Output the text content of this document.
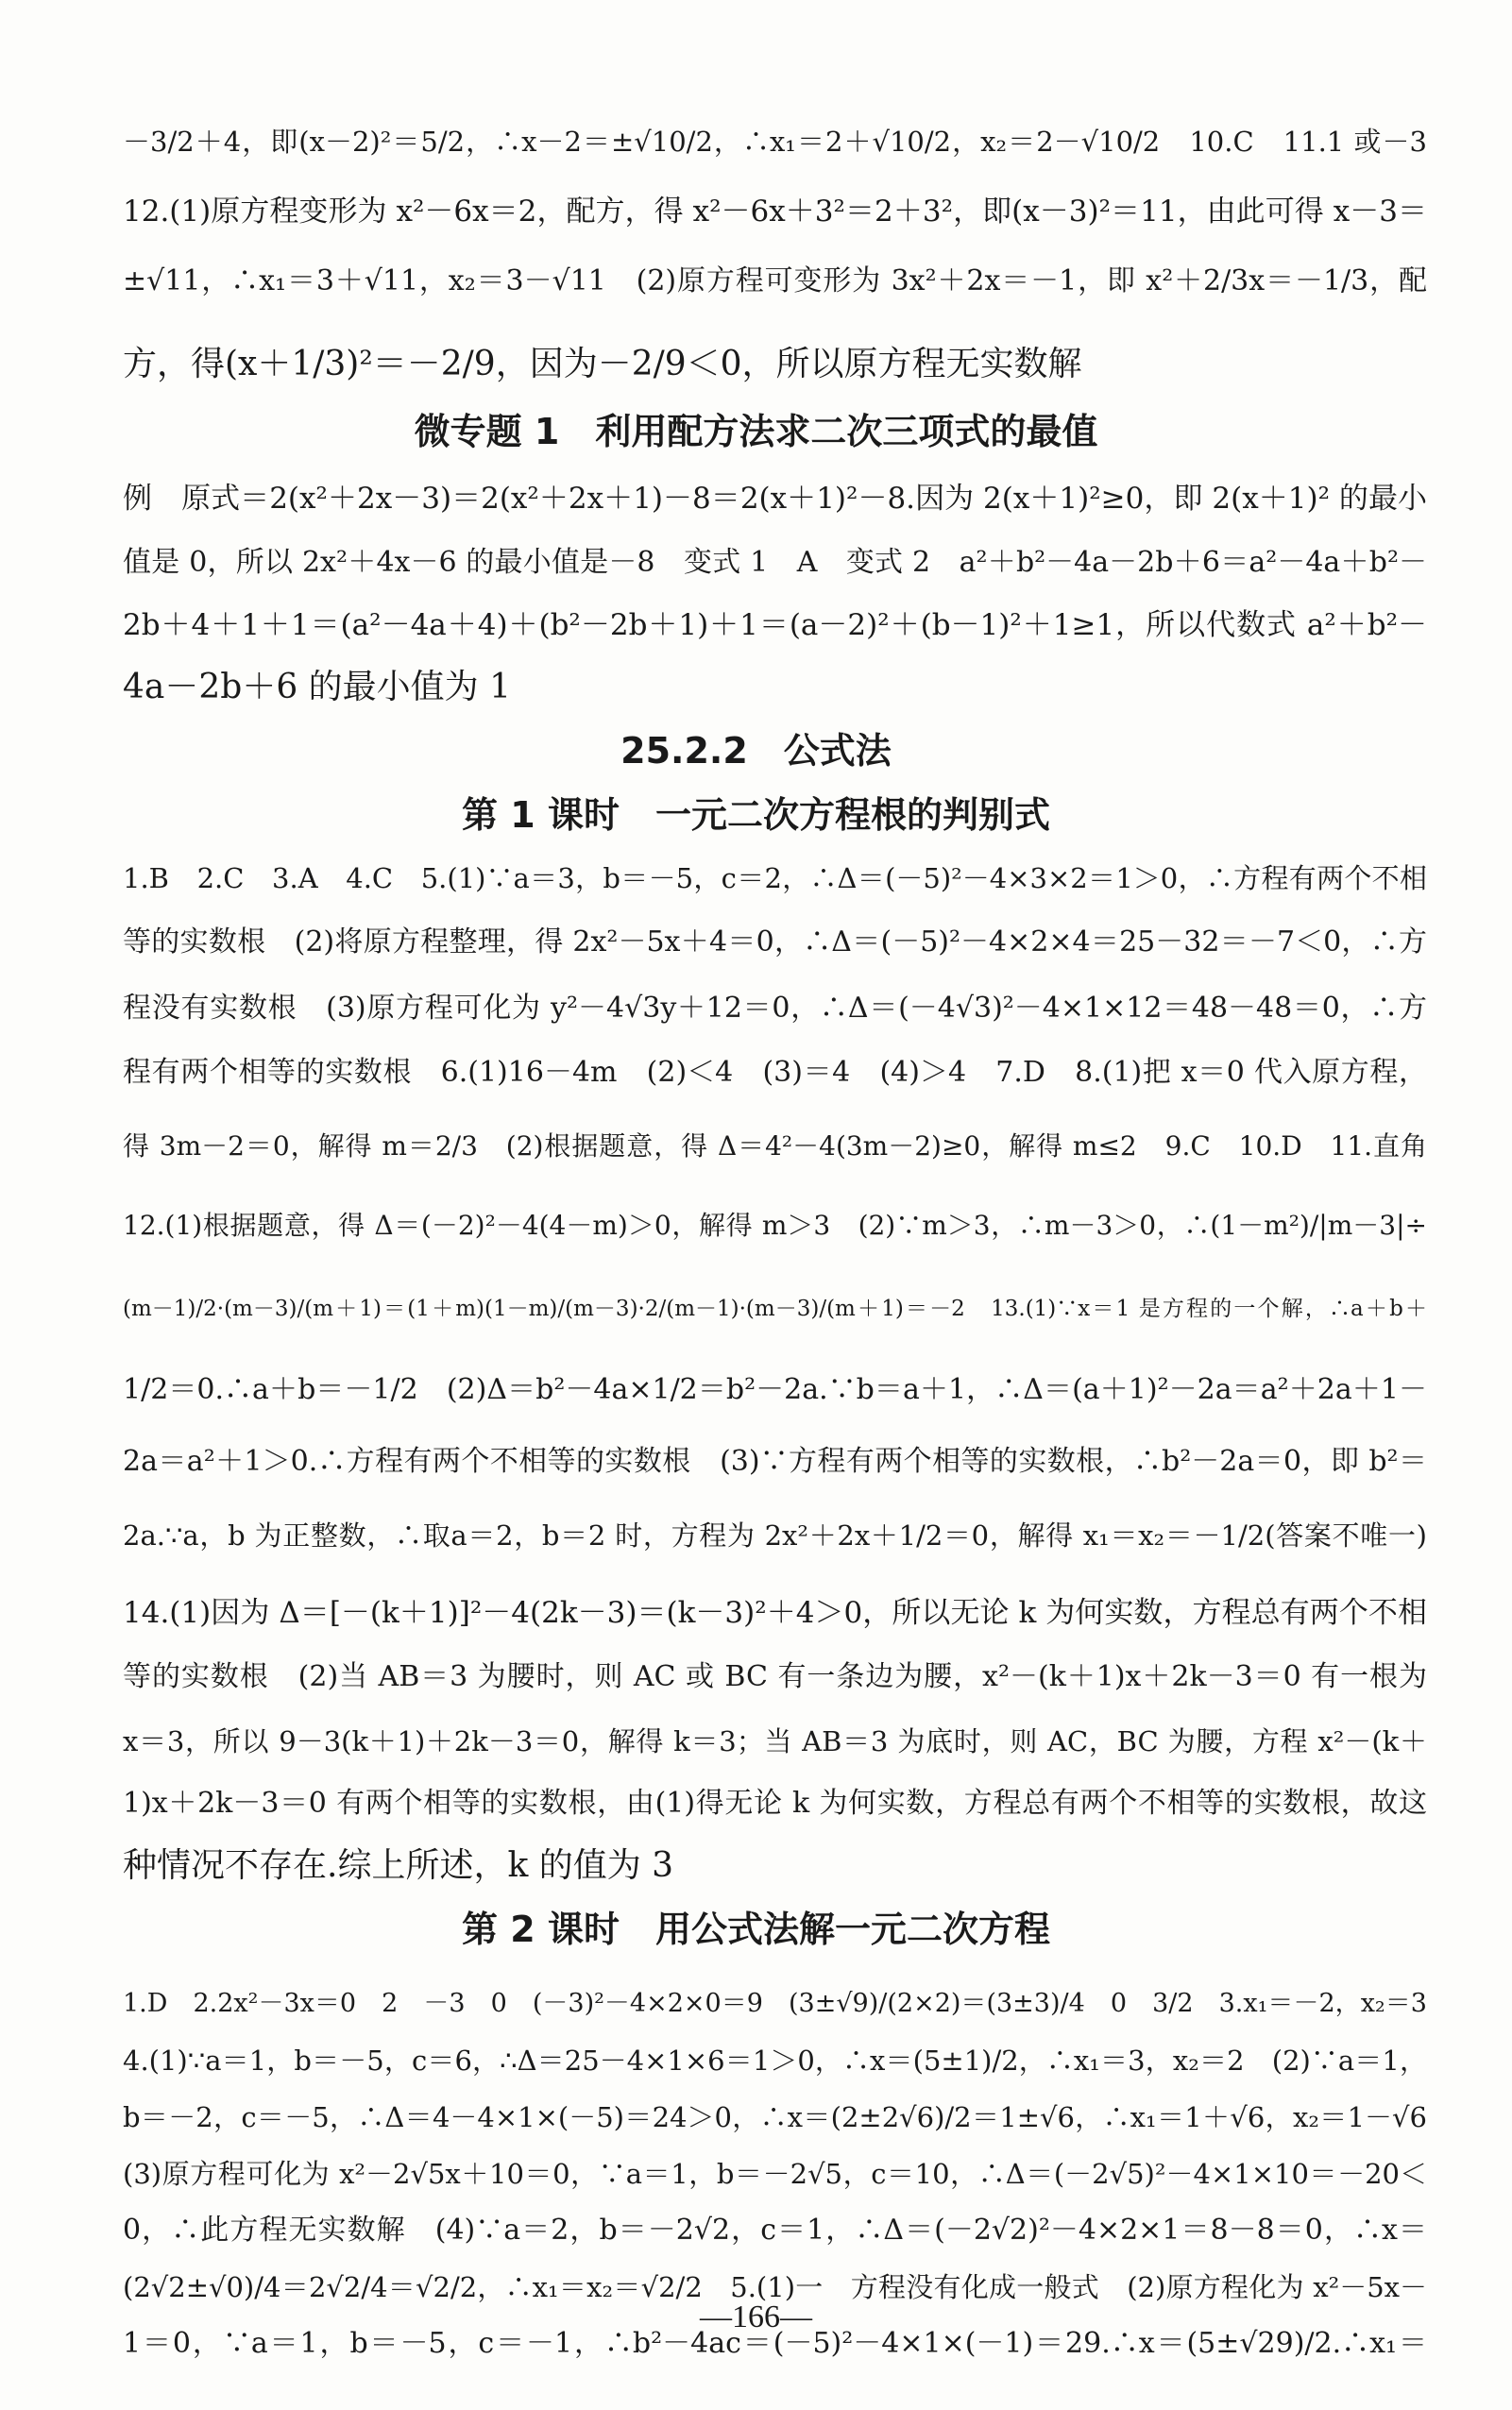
－3/2＋4，即(x－2)²＝5/2，∴x－2＝±√10/2，∴x₁＝2＋√10/2，x₂＝2－√10/2　10.C　11.1 或－3
12.(1)原方程变形为 x²－6x＝2，配方，得 x²－6x＋3²＝2＋3²，即(x－3)²＝11，由此可得 x－3＝
±√11，∴x₁＝3＋√11，x₂＝3－√11　(2)原方程可变形为 3x²＋2x＝－1，即 x²＋2/3x＝－1/3，配
方，得(x＋1/3)²＝－2/9，因为－2/9＜0，所以原方程无实数解
微专题 1　利用配方法求二次三项式的最值
例　原式＝2(x²＋2x－3)＝2(x²＋2x＋1)－8＝2(x＋1)²－8.因为 2(x＋1)²≥0，即 2(x＋1)² 的最小
值是 0，所以 2x²＋4x－6 的最小值是－8　变式 1　A　变式 2　a²＋b²－4a－2b＋6＝a²－4a＋b²－
2b＋4＋1＋1＝(a²－4a＋4)＋(b²－2b＋1)＋1＝(a－2)²＋(b－1)²＋1≥1，所以代数式 a²＋b²－
4a－2b＋6 的最小值为 1
25.2.2　公式法
第 1 课时　一元二次方程根的判别式
1.B　2.C　3.A　4.C　5.(1)∵a＝3，b＝－5，c＝2，∴Δ＝(－5)²－4×3×2＝1＞0，∴方程有两个不相
等的实数根　(2)将原方程整理，得 2x²－5x＋4＝0，∴Δ＝(－5)²－4×2×4＝25－32＝－7＜0，∴方
程没有实数根　(3)原方程可化为 y²－4√3y＋12＝0，∴Δ＝(－4√3)²－4×1×12＝48－48＝0，∴方
程有两个相等的实数根　6.(1)16－4m　(2)＜4　(3)＝4　(4)＞4　7.D　8.(1)把 x＝0 代入原方程，
得 3m－2＝0，解得 m＝2/3　(2)根据题意，得 Δ＝4²－4(3m－2)≥0，解得 m≤2　9.C　10.D　11.直角
12.(1)根据题意，得 Δ＝(－2)²－4(4－m)＞0，解得 m＞3　(2)∵m＞3，∴m－3＞0，∴(1－m²)/|m－3|÷
(m－1)/2·(m－3)/(m＋1)＝(1＋m)(1－m)/(m－3)·2/(m－1)·(m－3)/(m＋1)＝－2　13.(1)∵x＝1 是方程的一个解，∴a＋b＋
1/2＝0.∴a＋b＝－1/2　(2)Δ＝b²－4a×1/2＝b²－2a.∵b＝a＋1，∴Δ＝(a＋1)²－2a＝a²＋2a＋1－
2a＝a²＋1＞0.∴方程有两个不相等的实数根　(3)∵方程有两个相等的实数根，∴b²－2a＝0，即 b²＝
2a.∵a，b 为正整数，∴取a＝2，b＝2 时，方程为 2x²＋2x＋1/2＝0，解得 x₁＝x₂＝－1/2(答案不唯一)
14.(1)因为 Δ＝[－(k＋1)]²－4(2k－3)＝(k－3)²＋4＞0，所以无论 k 为何实数，方程总有两个不相
等的实数根　(2)当 AB＝3 为腰时，则 AC 或 BC 有一条边为腰，x²－(k＋1)x＋2k－3＝0 有一根为
x＝3，所以 9－3(k＋1)＋2k－3＝0，解得 k＝3；当 AB＝3 为底时，则 AC，BC 为腰，方程 x²－(k＋
1)x＋2k－3＝0 有两个相等的实数根，由(1)得无论 k 为何实数，方程总有两个不相等的实数根，故这
种情况不存在.综上所述，k 的值为 3
第 2 课时　用公式法解一元二次方程
1.D　2.2x²－3x＝0　2　－3　0　(－3)²－4×2×0＝9　(3±√9)/(2×2)＝(3±3)/4　0　3/2　3.x₁＝－2，x₂＝3
4.(1)∵a＝1，b＝－5，c＝6，∴Δ＝25－4×1×6＝1＞0，∴x＝(5±1)/2，∴x₁＝3，x₂＝2　(2)∵a＝1，
b＝－2，c＝－5，∴Δ＝4－4×1×(－5)＝24＞0，∴x＝(2±2√6)/2＝1±√6，∴x₁＝1＋√6，x₂＝1－√6
(3)原方程可化为 x²－2√5x＋10＝0，∵a＝1，b＝－2√5，c＝10，∴Δ＝(－2√5)²－4×1×10＝－20＜
0，∴此方程无实数解　(4)∵a＝2，b＝－2√2，c＝1，∴Δ＝(－2√2)²－4×2×1＝8－8＝0，∴x＝
(2√2±√0)/4＝2√2/4＝√2/2，∴x₁＝x₂＝√2/2　5.(1)一　方程没有化成一般式　(2)原方程化为 x²－5x－
1＝0，∵a＝1，b＝－5，c＝－1，∴b²－4ac＝(－5)²－4×1×(－1)＝29.∴x＝(5±√29)/2.∴x₁＝
—166—
